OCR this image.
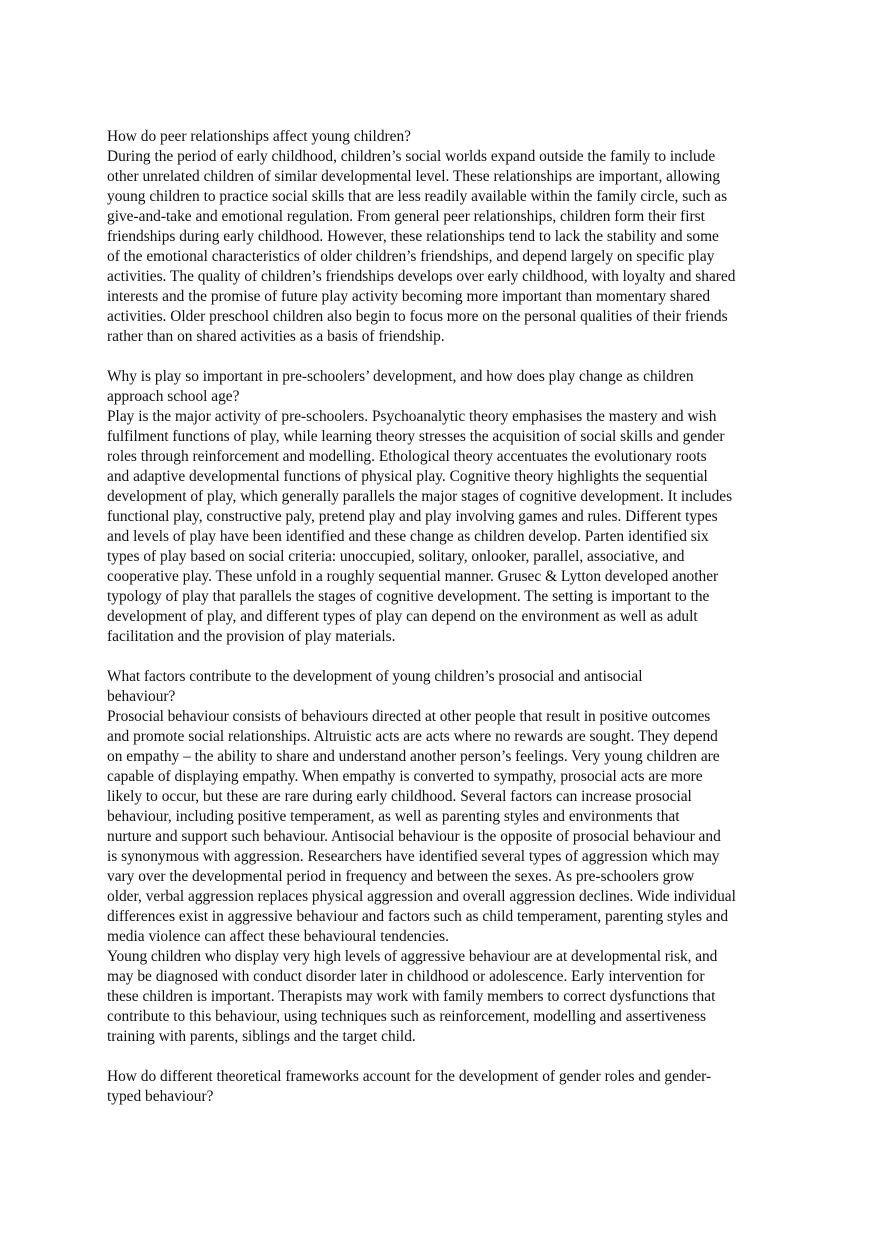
How do peer relationships affect young children?
During the period of early childhood, children’s social worlds expand outside the family to include
other unrelated children of similar developmental level. These relationships are important, allowing
young children to practice social skills that are less readily available within the family circle, such as
give-and-take and emotional regulation. From general peer relationships, children form their first
friendships during early childhood. However, these relationships tend to lack the stability and some
of the emotional characteristics of older children’s friendships, and depend largely on specific play
activities. The quality of children’s friendships develops over early childhood, with loyalty and shared
interests and the promise of future play activity becoming more important than momentary shared
activities. Older preschool children also begin to focus more on the personal qualities of their friends
rather than on shared activities as a basis of friendship.
Why is play so important in pre-schoolers’ development, and how does play change as children
approach school age?
Play is the major activity of pre-schoolers. Psychoanalytic theory emphasises the mastery and wish
fulfilment functions of play, while learning theory stresses the acquisition of social skills and gender
roles through reinforcement and modelling. Ethological theory accentuates the evolutionary roots
and adaptive developmental functions of physical play. Cognitive theory highlights the sequential
development of play, which generally parallels the major stages of cognitive development. It includes
functional play, constructive paly, pretend play and play involving games and rules. Different types
and levels of play have been identified and these change as children develop. Parten identified six
types of play based on social criteria: unoccupied, solitary, onlooker, parallel, associative, and
cooperative play. These unfold in a roughly sequential manner. Grusec & Lytton developed another
typology of play that parallels the stages of cognitive development. The setting is important to the
development of play, and different types of play can depend on the environment as well as adult
facilitation and the provision of play materials.
What factors contribute to the development of young children’s prosocial and antisocial
behaviour?
Prosocial behaviour consists of behaviours directed at other people that result in positive outcomes
and promote social relationships. Altruistic acts are acts where no rewards are sought. They depend
on empathy – the ability to share and understand another person’s feelings. Very young children are
capable of displaying empathy. When empathy is converted to sympathy, prosocial acts are more
likely to occur, but these are rare during early childhood. Several factors can increase prosocial
behaviour, including positive temperament, as well as parenting styles and environments that
nurture and support such behaviour. Antisocial behaviour is the opposite of prosocial behaviour and
is synonymous with aggression. Researchers have identified several types of aggression which may
vary over the developmental period in frequency and between the sexes. As pre-schoolers grow
older, verbal aggression replaces physical aggression and overall aggression declines. Wide individual
differences exist in aggressive behaviour and factors such as child temperament, parenting styles and
media violence can affect these behavioural tendencies.
Young children who display very high levels of aggressive behaviour are at developmental risk, and
may be diagnosed with conduct disorder later in childhood or adolescence. Early intervention for
these children is important. Therapists may work with family members to correct dysfunctions that
contribute to this behaviour, using techniques such as reinforcement, modelling and assertiveness
training with parents, siblings and the target child.
How do different theoretical frameworks account for the development of gender roles and gender-
typed behaviour?
